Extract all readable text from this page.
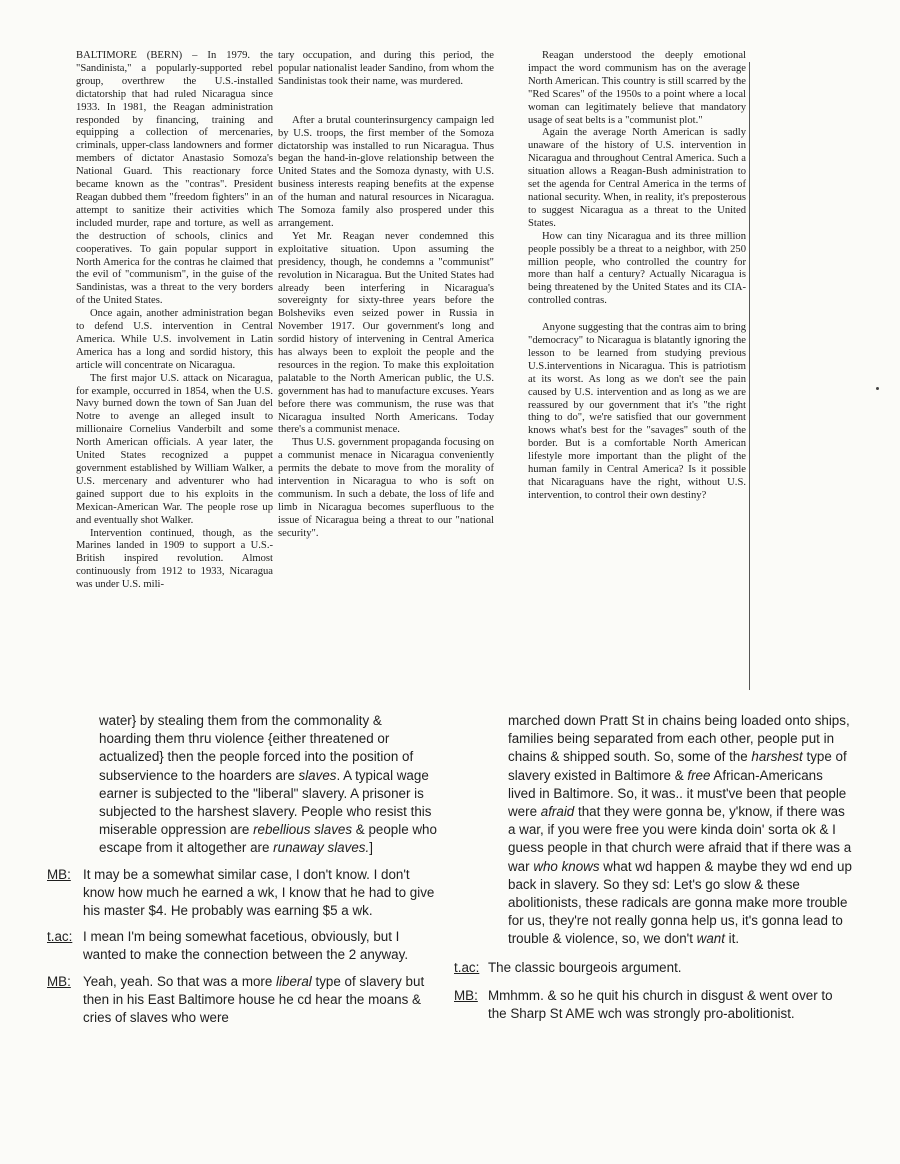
BALTIMORE (BERN) – In 1979. the "Sandinista," a popularly-supported rebel group, overthrew the U.S.-installed dictatorship that had ruled Nicaragua since 1933. In 1981, the Reagan administration responded by financing, training and equipping a collection of mercenaries, criminals, upper-class landowners and former members of dictator Anastasio Somoza's National Guard. This reactionary force became known as the "contras". President Reagan dubbed them "freedom fighters" in an attempt to sanitize their activities which included murder, rape and torture, as well as the destruction of schools, clinics and cooperatives. To gain popular support in North America for the contras he claimed that the evil of "communism", in the guise of the Sandinistas, was a threat to the very borders of the United States.

Once again, another administration began to defend U.S. intervention in Central America. While U.S. involvement in Latin America has a long and sordid history, this article will concentrate on Nicaragua.

The first major U.S. attack on Nicaragua, for example, occurred in 1854, when the U.S. Navy burned down the town of San Juan del Notre to avenge an alleged insult to millionaire Cornelius Vanderbilt and some North American officials. A year later, the United States recognized a puppet government established by William Walker, a U.S. mercenary and adventurer who had gained support due to his exploits in the Mexican-American War. The people rose up and eventually shot Walker.

Intervention continued, though, as the Marines landed in 1909 to support a U.S.-British inspired revolution. Almost continuously from 1912 to 1933, Nicaragua was under U.S. mili-

tary occupation, and during this period, the popular nationalist leader Sandino, from whom the Sandinistas took their name, was murdered.

After a brutal counterinsurgency campaign led by U.S. troops, the first member of the Somoza dictatorship was installed to run Nicaragua. Thus began the hand-in-glove relationship between the United States and the Somoza dynasty, with U.S. business interests reaping benefits at the expense of the human and natural resources in Nicaragua. The Somoza family also prospered under this arrangement.

Yet Mr. Reagan never condemned this exploitative situation. Upon assuming the presidency, though, he condemns a "communist" revolution in Nicaragua. But the United States had already been interfering in Nicaragua's sovereignty for sixty-three years before the Bolsheviks even seized power in Russia in November 1917. Our government's long and sordid history of intervening in Central America has always been to exploit the people and the resources in the region. To make this exploitation palatable to the North American public, the U.S. government has had to manufacture excuses. Years before there was communism, the ruse was that Nicaragua insulted North Americans. Today there's a communist menace.

Thus U.S. government propaganda focusing on a communist menace in Nicaragua conveniently permits the debate to move from the morality of intervention in Nicaragua to who is soft on communism. In such a debate, the loss of life and limb in Nicaragua becomes superfluous to the issue of Nicaragua being a threat to our "national security".

Reagan understood the deeply emotional impact the word communism has on the average North American. This country is still scarred by the "Red Scares" of the 1950s to a point where a local woman can legitimately believe that mandatory usage of seat belts is a "communist plot."

Again the average North American is sadly unaware of the history of U.S. intervention in Nicaragua and throughout Central America. Such a situation allows a Reagan-Bush administration to set the agenda for Central America in the terms of national security. When, in reality, it's preposterous to suggest Nicaragua as a threat to the United States.

How can tiny Nicaragua and its three million people possibly be a threat to a neighbor, with 250 million people, who controlled the country for more than half a century? Actually Nicaragua is being threatened by the United States and its CIA-controlled contras.

Anyone suggesting that the contras aim to bring "democracy" to Nicaragua is blatantly ignoring the lesson to be learned from studying previous U.S.interventions in Nicaragua. This is patriotism at its worst. As long as we don't see the pain caused by U.S. intervention and as long as we are reassured by our government that it's "the right thing to do", we're satisfied that our government knows what's best for the "savages" south of the border. But is a comfortable North American lifestyle more important than the plight of the human family in Central America? Is it possible that Nicaraguans have the right, without U.S. intervention, to control their own destiny?

water} by stealing them from the commonality & hoarding them thru violence {either threatened or actualized} then the people forced into the position of subservience to the hoarders are slaves. A typical wage earner is subjected to the "liberal" slavery. A prisoner is subjected to the harshest slavery. People who resist this miserable oppression are rebellious slaves & people who escape from it altogether are runaway slaves.]

MB: It may be a somewhat similar case, I don't know. I don't know how much he earned a wk, I know that he had to give his master $4. He probably was earning $5 a wk.
t.ac: I mean I'm being somewhat facetious, obviously, but I wanted to make the connection between the 2 anyway.
MB: Yeah, yeah. So that was a more liberal type of slavery but then in his East Baltimore house he cd hear the moans & cries of slaves who were

marched down Pratt St in chains being loaded onto ships, families being separated from each other, people put in chains & shipped south. So, some of the harshest type of slavery existed in Baltimore & free African-Americans lived in Baltimore. So, it was.. it must've been that people were afraid that they were gonna be, y'know, if there was a war, if you were free you were kinda doin' sorta ok & I guess people in that church were afraid that if there was a war who knows what wd happen & maybe they wd end up back in slavery. So they sd: Let's go slow & these abolitionists, these radicals are gonna make more trouble for us, they're not really gonna help us, it's gonna lead to trouble & violence, so, we don't want it.

t.ac: The classic bourgeois argument.
MB: Mmhmm. & so he quit his church in disgust & went over to the Sharp St AME wch was strongly pro-abolitionist.
